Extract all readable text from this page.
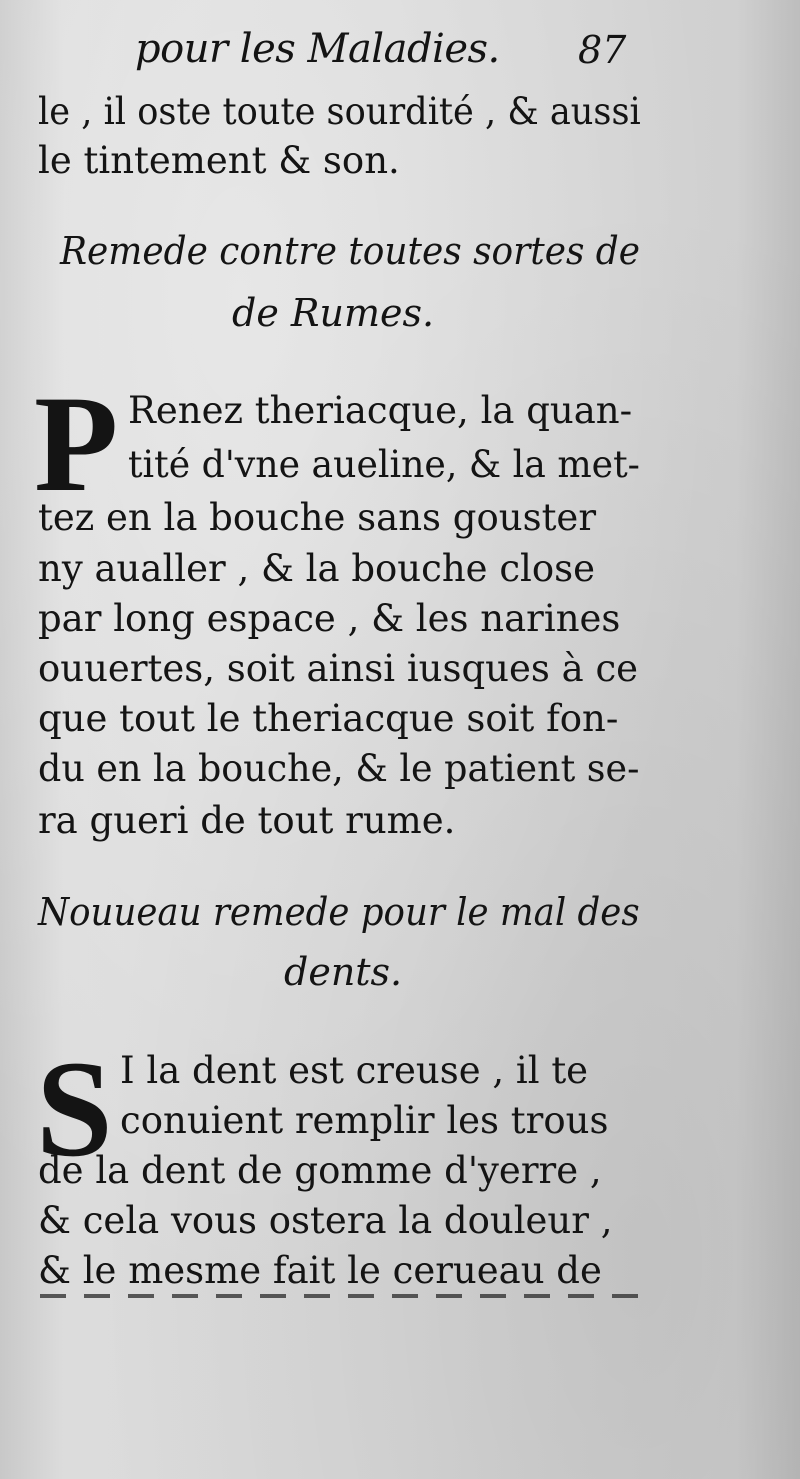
pour les Maladies. 87
le , il oste toute sourdité , & aussi
le tintement & son.
Remede contre toutes sortes de
de Rumes.
P Renez theriacque, la quan-
tité d'vne aueline, & la met-
tez en la bouche sans gouster
ny aualler , & la bouche close
par long espace , & les narines
ouuertes, soit ainsi iusques à ce
que tout le theriacque soit fon-
du en la bouche, & le patient se-
ra gueri de tout rume.
Nouueau remede pour le mal des
dents.
S I la dent est creuse , il te
conuient remplir les trous
de la dent de gomme d'yerre ,
& cela vous ostera la douleur ,
& le mesme fait le cerueau de
